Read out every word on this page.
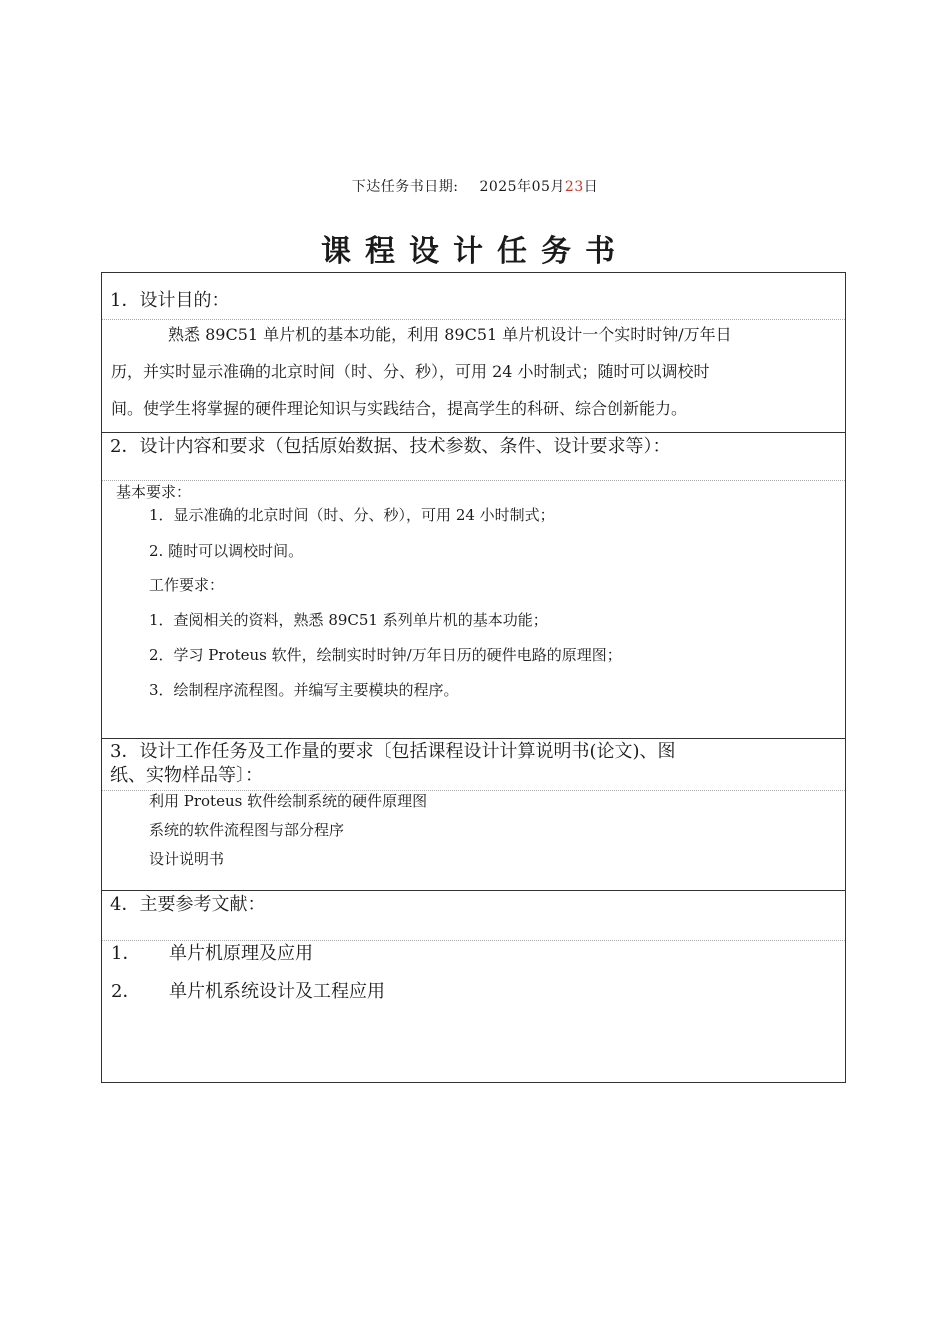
下达任务书日期: 2025年05月23日
课程设计任务书
1．设计目的：
熟悉 89C51 单片机的基本功能，利用 89C51 单片机设计一个实时时钟/万年日
历，并实时显示准确的北京时间（时、分、秒），可用 24 小时制式；随时可以调校时
间。使学生将掌握的硬件理论知识与实践结合，提高学生的科研、综合创新能力。
2．设计内容和要求（包括原始数据、技术参数、条件、设计要求等）：
基本要求：
1．显示准确的北京时间（时、分、秒），可用 24 小时制式；
2. 随时可以调校时间。
工作要求：
1．查阅相关的资料，熟悉 89C51 系列单片机的基本功能；
2．学习 Proteus 软件，绘制实时时钟/万年日历的硬件电路的原理图；
3．绘制程序流程图。并编写主要模块的程序。
3．设计工作任务及工作量的要求〔包括课程设计计算说明书(论文)、图
纸、实物样品等〕：
利用 Proteus 软件绘制系统的硬件原理图
系统的软件流程图与部分程序
设计说明书
4．主要参考文献：
1． 单片机原理及应用
2． 单片机系统设计及工程应用
